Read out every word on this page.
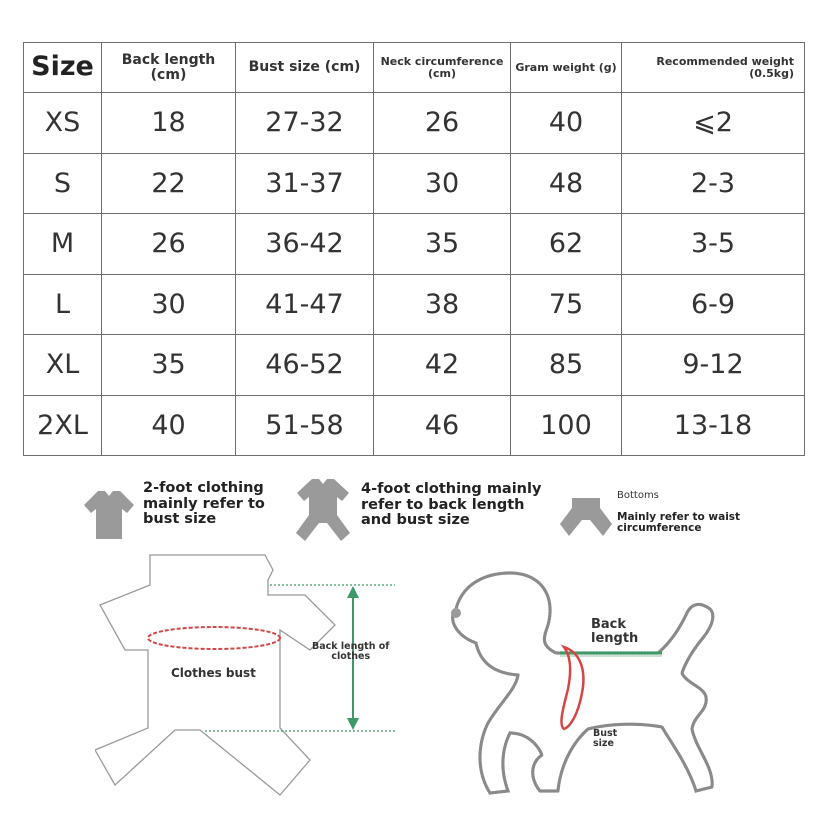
Size	Back length (cm)	Bust size (cm)	Neck circumference
(cm)	Gram weight (g)	Recommended weight
(0.5kg)

XS	18	27-32	26	40	⩽2
S	22	31-37	30	48	2-3
M	26	36-42	35	62	3-5
L	30	41-47	38	75	6-9
XL	35	46-52	42	85	9-12
2XL	40	51-58	46	100	13-18
2-foot clothing
mainly refer to
bust size
4-foot clothing mainly
refer to back length
and bust size
Bottoms
Mainly refer to waist
circumference
Clothes bust
Back length of
clothes
Back
length
Bust
size
